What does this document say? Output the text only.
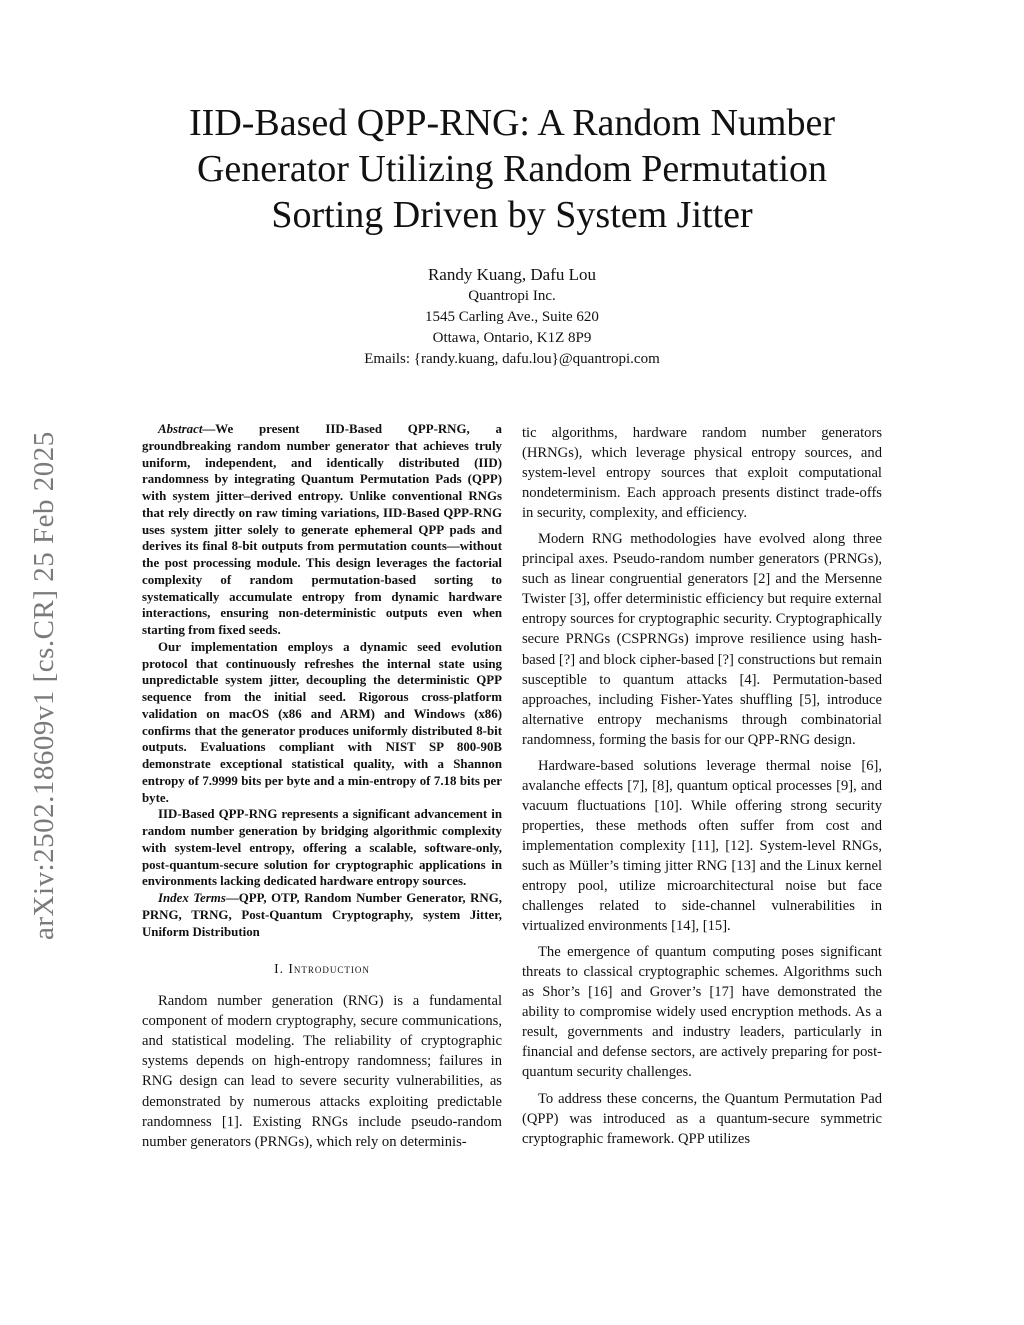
arXiv:2502.18609v1 [cs.CR] 25 Feb 2025
IID-Based QPP-RNG: A Random Number
Generator Utilizing Random Permutation
Sorting Driven by System Jitter

Randy Kuang, Dafu Lou

Quantropi Inc.

1545 Carling Ave., Suite 620

Ottawa, Ontario, K1Z 8P9

Emails: {randy.kuang, dafu.lou}@quantropi.com

Abstract—We present IID-Based QPP-RNG, a groundbreaking random number generator that achieves truly uniform, independent, and identically distributed (IID) randomness by integrating Quantum Permutation Pads (QPP) with system jitter–derived entropy. Unlike conventional RNGs that rely directly on raw timing variations, IID-Based QPP-RNG uses system jitter solely to generate ephemeral QPP pads and derives its final 8-bit outputs from permutation counts—without the post processing module. This design leverages the factorial complexity of random permutation-based sorting to systematically accumulate entropy from dynamic hardware interactions, ensuring non-deterministic outputs even when starting from fixed seeds.

Our implementation employs a dynamic seed evolution protocol that continuously refreshes the internal state using unpredictable system jitter, decoupling the deterministic QPP sequence from the initial seed. Rigorous cross-platform validation on macOS (x86 and ARM) and Windows (x86) confirms that the generator produces uniformly distributed 8-bit outputs. Evaluations compliant with NIST SP 800-90B demonstrate exceptional statistical quality, with a Shannon entropy of 7.9999 bits per byte and a min-entropy of 7.18 bits per byte.

IID-Based QPP-RNG represents a significant advancement in random number generation by bridging algorithmic complexity with system-level entropy, offering a scalable, software-only, post-quantum-secure solution for cryptographic applications in environments lacking dedicated hardware entropy sources.

Index Terms—QPP, OTP, Random Number Generator, RNG, PRNG, TRNG, Post-Quantum Cryptography, system Jitter, Uniform Distribution

I. Introduction

Random number generation (RNG) is a fundamental component of modern cryptography, secure communications, and statistical modeling. The reliability of cryptographic systems depends on high-entropy randomness; failures in RNG design can lead to severe security vulnerabilities, as demonstrated by numerous attacks exploiting predictable randomness [1]. Existing RNGs include pseudo-random number generators (PRNGs), which rely on determinis-

tic algorithms, hardware random number generators (HRNGs), which leverage physical entropy sources, and system-level entropy sources that exploit computational nondeterminism. Each approach presents distinct trade-offs in security, complexity, and efficiency.

Modern RNG methodologies have evolved along three principal axes. Pseudo-random number generators (PRNGs), such as linear congruential generators [2] and the Mersenne Twister [3], offer deterministic efficiency but require external entropy sources for cryptographic security. Cryptographically secure PRNGs (CSPRNGs) improve resilience using hash-based [?] and block cipher-based [?] constructions but remain susceptible to quantum attacks [4]. Permutation-based approaches, including Fisher-Yates shuffling [5], introduce alternative entropy mechanisms through combinatorial randomness, forming the basis for our QPP-RNG design.

Hardware-based solutions leverage thermal noise [6], avalanche effects [7], [8], quantum optical processes [9], and vacuum fluctuations [10]. While offering strong security properties, these methods often suffer from cost and implementation complexity [11], [12]. System-level RNGs, such as Müller’s timing jitter RNG [13] and the Linux kernel entropy pool, utilize microarchitectural noise but face challenges related to side-channel vulnerabilities in virtualized environments [14], [15].

The emergence of quantum computing poses significant threats to classical cryptographic schemes. Algorithms such as Shor’s [16] and Grover’s [17] have demonstrated the ability to compromise widely used encryption methods. As a result, governments and industry leaders, particularly in financial and defense sectors, are actively preparing for post-quantum security challenges.

To address these concerns, the Quantum Permutation Pad (QPP) was introduced as a quantum-secure symmetric cryptographic framework. QPP utilizes
